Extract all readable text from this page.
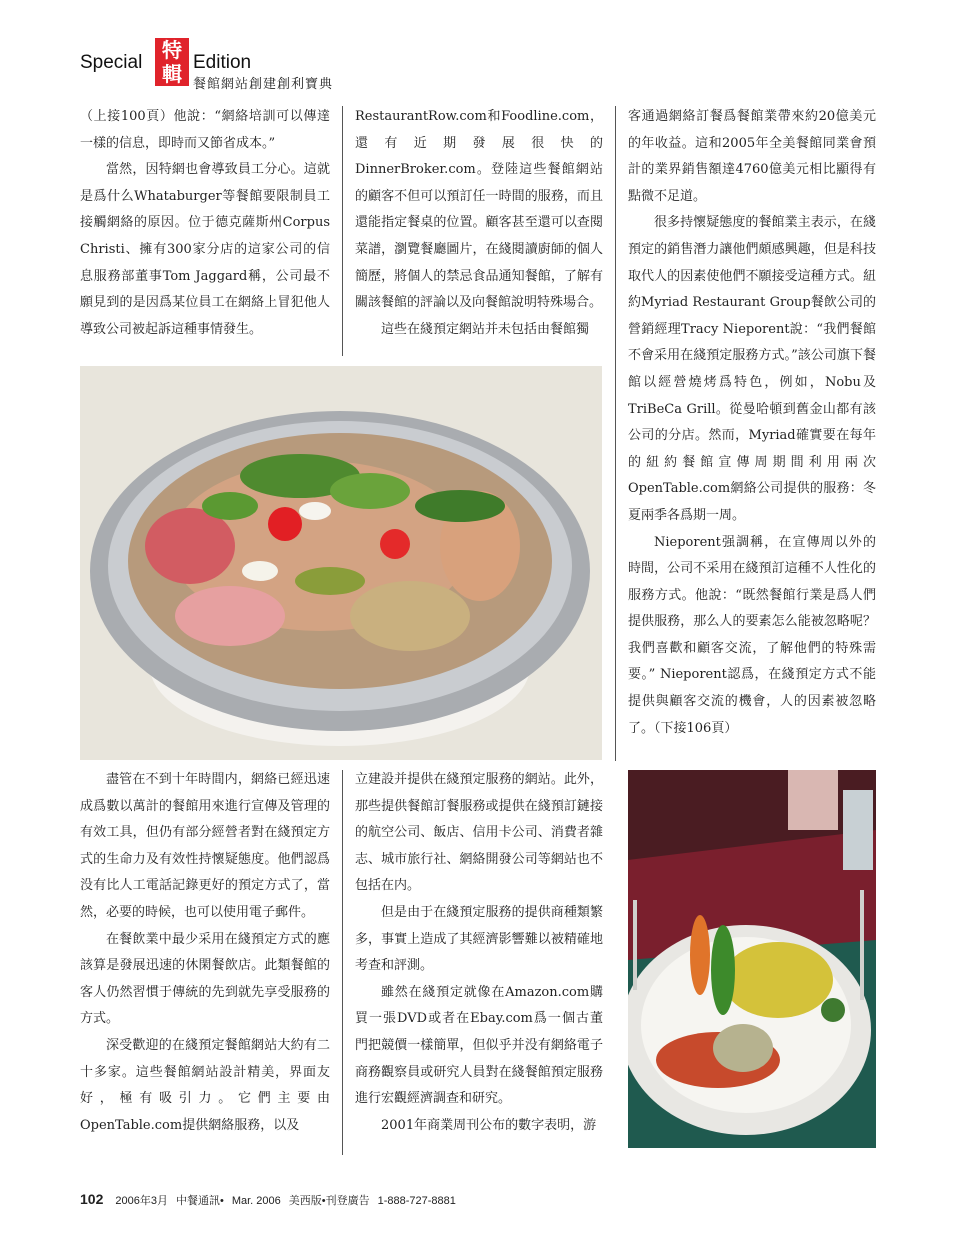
Special
特
輯 Edition
餐館網站創建創利寶典

（上接100頁）他說：“網絡培訓可以傳達一樣的信息，即時而又節省成本。”

當然，因特網也會導致員工分心。這就是爲什么Whataburger等餐館要限制員工接觸網絡的原因。位于德克薩斯州Corpus Christi、擁有300家分店的這家公司的信息服務部董事Tom Jaggard稱，公司最不願見到的是因爲某位員工在網絡上冒犯他人導致公司被起訴這種事情發生。

RestaurantRow.com和Foodline.com，還有近期發展很快的DinnerBroker.com。登陸這些餐館網站的顧客不但可以預訂任一時間的服務，而且還能指定餐桌的位置。顧客甚至還可以查閱菜譜，瀏覽餐廳圖片，在綫閱讀廚師的個人簡歷，將個人的禁忌食品通知餐館，了解有關該餐館的評論以及向餐館說明特殊場合。

這些在綫預定網站并未包括由餐館獨

客通過網絡訂餐爲餐館業帶來約20億美元的年收益。這和2005年全美餐館同業會預計的業界銷售額達4760億美元相比顯得有點微不足道。

很多持懷疑態度的餐館業主表示，在綫預定的銷售潛力讓他們頗感興趣，但是科技取代人的因素使他們不願接受這種方式。紐約Myriad Restaurant Group餐飲公司的營銷經理Tracy Nieporent說：“我們餐館不會采用在綫預定服務方式。”該公司旗下餐館以經營燒烤爲特色，例如，Nobu及TriBeCa Grill。從曼哈頓到舊金山都有該公司的分店。然而，Myriad確實要在每年的紐約餐館宣傳周期間利用兩次OpenTable.com網絡公司提供的服務：冬夏兩季各爲期一周。

Nieporent强調稱，在宣傳周以外的時間，公司不采用在綫預訂這種不人性化的服務方式。他說：“既然餐館行業是爲人們提供服務，那么人的要素怎么能被忽略呢？我們喜歡和顧客交流，了解他們的特殊需要。” Nieporent認爲，在綫預定方式不能提供與顧客交流的機會，人的因素被忽略了。（下接106頁）

盡管在不到十年時間内，網絡已經迅速成爲數以萬計的餐館用來進行宣傳及管理的有效工具，但仍有部分經營者對在綫預定方式的生命力及有效性持懷疑態度。他們認爲没有比人工電話記錄更好的預定方式了，當然，必要的時候，也可以使用電子郵件。

在餐飲業中最少采用在綫預定方式的應該算是發展迅速的休閑餐飲店。此類餐館的客人仍然習慣于傳統的先到就先享受服務的方式。

深受歡迎的在綫預定餐館網站大約有二十多家。這些餐館網站設計精美，界面友好，極有吸引力。它們主要由OpenTable.com提供網絡服務，以及

立建設并提供在綫預定服務的網站。此外，那些提供餐館訂餐服務或提供在綫預訂鏈接的航空公司、飯店、信用卡公司、消費者雜志、城市旅行社、網絡開發公司等網站也不包括在内。

但是由于在綫預定服務的提供商種類繁多，事實上造成了其經濟影響難以被精確地考查和評測。

雖然在綫預定就像在Amazon.com購買一張DVD或者在Ebay.com爲一個古董門把競價一樣簡單，但似乎并没有網絡電子商務觀察員或研究人員對在綫餐館預定服務進行宏觀經濟調查和研究。

2001年商業周刊公布的數字表明，游

102 2006年3月 中餐通訊• Mar. 2006 美西版•刊登廣告 1-888-727-8881
